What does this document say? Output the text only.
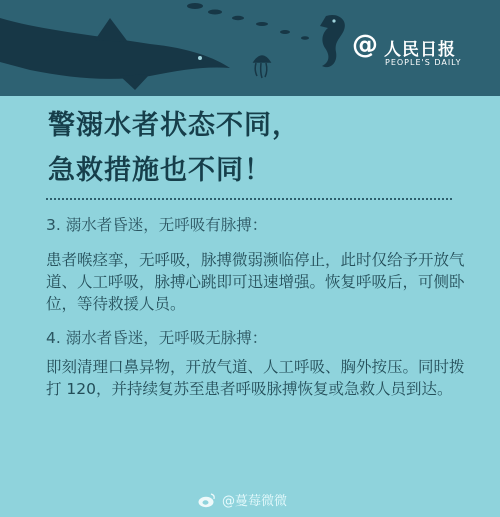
@ 人民日报
PEOPLE'S DAILY
警溺水者状态不同，
急救措施也不同！
3. 溺水者昏迷，无呼吸有脉搏：
患者喉痉挛，无呼吸，脉搏微弱濒临停止，此时仅给予开放气道、人工呼吸，脉搏心跳即可迅速增强。恢复呼吸后，可侧卧位，等待救援人员。
4. 溺水者昏迷，无呼吸无脉搏：
即刻清理口鼻异物，开放气道、人工呼吸、胸外按压。同时拨打 120，并持续复苏至患者呼吸脉搏恢复或急救人员到达。
@蔓莓微微
